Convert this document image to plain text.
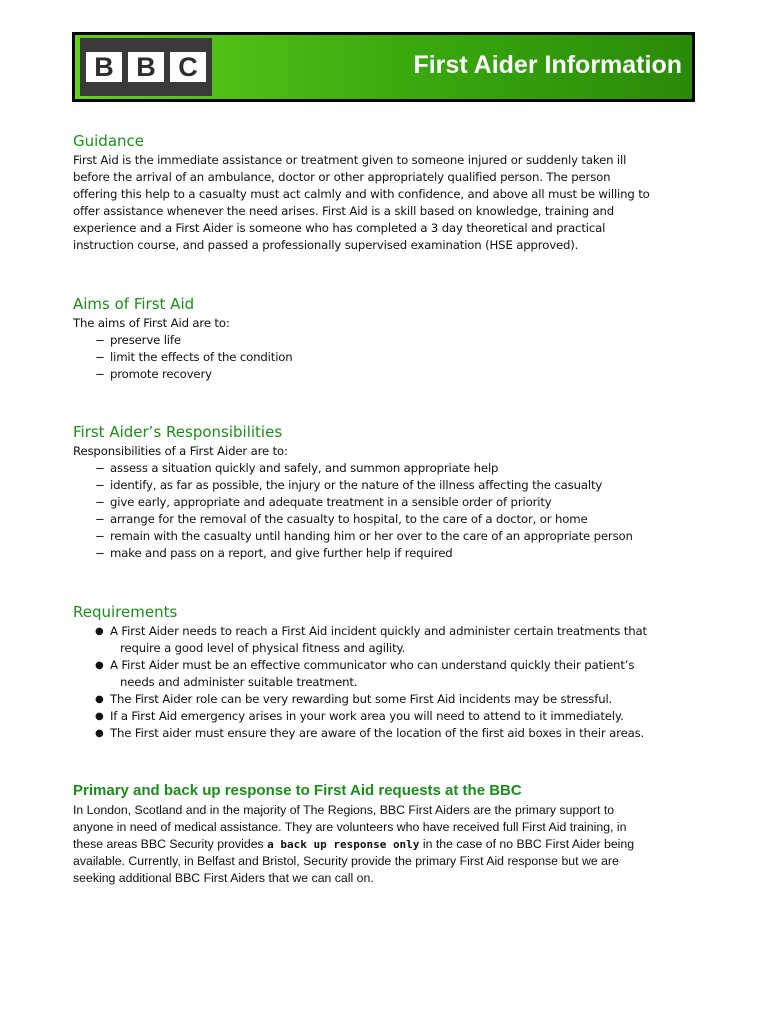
B B C	First Aider Information
Guidance

First Aid is the immediate assistance or treatment given to someone injured or suddenly taken ill
before the arrival of an ambulance, doctor or other appropriately qualified person. The person
offering this help to a casualty must act calmly and with confidence, and above all must be willing to
offer assistance whenever the need arises. First Aid is a skill based on knowledge, training and
experience and a First Aider is someone who has completed a 3 day theoretical and practical
instruction course, and passed a professionally supervised examination (HSE approved).

Aims of First Aid

The aims of First Aid are to:

− preserve life
− limit the effects of the condition
− promote recovery
First Aider’s Responsibilities

Responsibilities of a First Aider are to:

− assess a situation quickly and safely, and summon appropriate help
− identify, as far as possible, the injury or the nature of the illness affecting the casualty
− give early, appropriate and adequate treatment in a sensible order of priority
− arrange for the removal of the casualty to hospital, to the care of a doctor, or home
− remain with the casualty until handing him or her over to the care of an appropriate person
− make and pass on a report, and give further help if required
Requirements
● A First Aider needs to reach a First Aid incident quickly and administer certain treatments that
require a good level of physical fitness and agility.
● A First Aider must be an effective communicator who can understand quickly their patient’s
needs and administer suitable treatment.
● The First Aider role can be very rewarding but some First Aid incidents may be stressful.
● If a First Aid emergency arises in your work area you will need to attend to it immediately.
● The First aider must ensure they are aware of the location of the first aid boxes in their areas.
Primary and back up response to First Aid requests at the BBC

In London, Scotland and in the majority of The Regions, BBC First Aiders are the primary support to
anyone in need of medical assistance. They are volunteers who have received full First Aid training, in
these areas BBC Security provides a back up response only in the case of no BBC First Aider being
available. Currently, in Belfast and Bristol, Security provide the primary First Aid response but we are
seeking additional BBC First Aiders that we can call on.
